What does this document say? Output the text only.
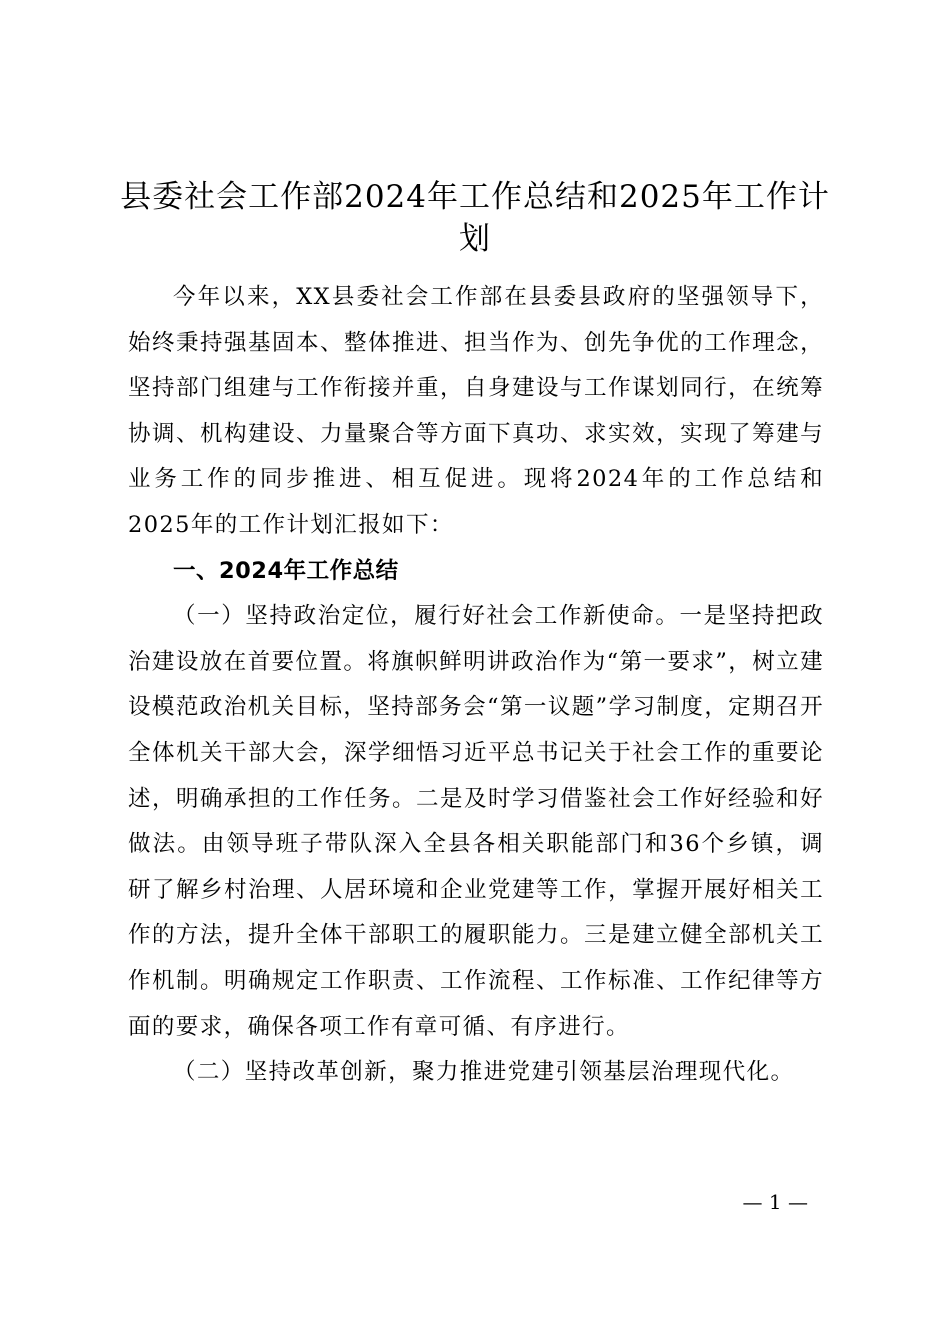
县委社会工作部2024年工作总结和2025年工作计划

今年以来，XX县委社会工作部在县委县政府的坚强领导下，始终秉持强基固本、整体推进、担当作为、创先争优的工作理念，坚持部门组建与工作衔接并重，自身建设与工作谋划同行，在统筹协调、机构建设、力量聚合等方面下真功、求实效，实现了筹建与业务工作的同步推进、相互促进。现将2024年的工作总结和2025年的工作计划汇报如下：

一、2024年工作总结

（一）坚持政治定位，履行好社会工作新使命。一是坚持把政治建设放在首要位置。将旗帜鲜明讲政治作为“第一要求”，树立建设模范政治机关目标，坚持部务会“第一议题”学习制度，定期召开全体机关干部大会，深学细悟习近平总书记关于社会工作的重要论述，明确承担的工作任务。二是及时学习借鉴社会工作好经验和好做法。由领导班子带队深入全县各相关职能部门和36个乡镇，调研了解乡村治理、人居环境和企业党建等工作，掌握开展好相关工作的方法，提升全体干部职工的履职能力。三是建立健全部机关工作机制。明确规定工作职责、工作流程、工作标准、工作纪律等方面的要求，确保各项工作有章可循、有序进行。

（二）坚持改革创新，聚力推进党建引领基层治理现代化。

— 1 —
